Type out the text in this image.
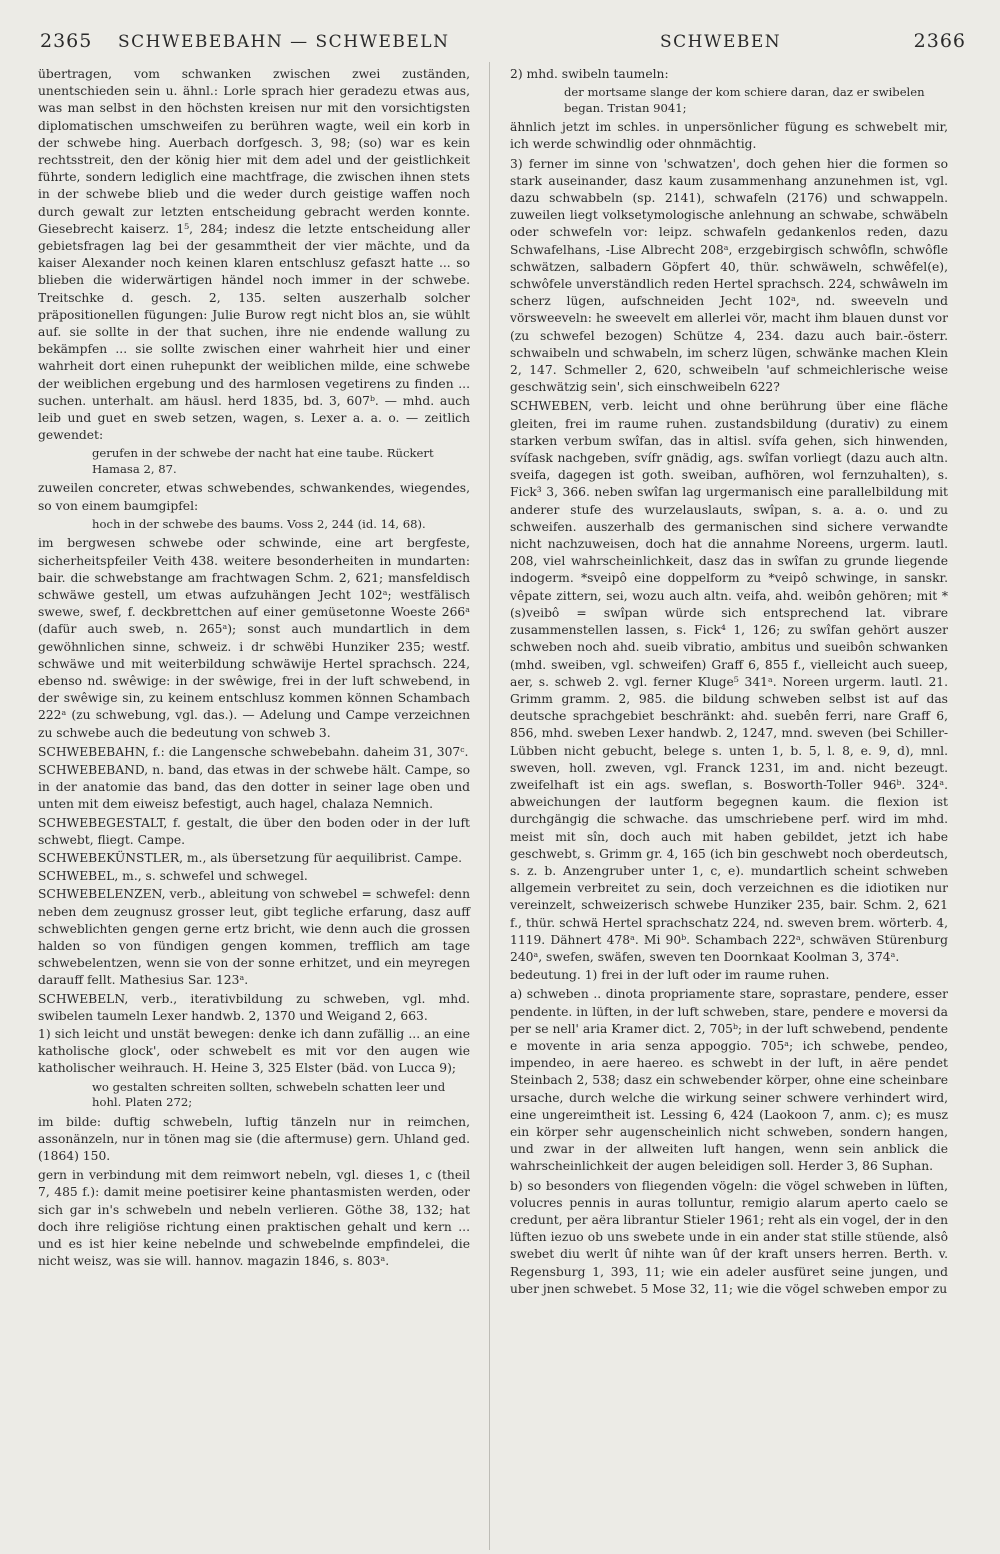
2365 SCHWEBEBAHN — SCHWEBELN	SCHWEBEN	2366

übertragen, vom schwanken zwischen zwei zuständen, unentschieden sein u. ähnl.: Lorle sprach hier geradezu etwas aus, was man selbst in den höchsten kreisen nur mit den vorsichtigsten diplomatischen umschweifen zu berühren wagte, weil ein korb in der schwebe hing. Auerbach dorfgesch. 3, 98; (so) war es kein rechtsstreit, den der könig hier mit dem adel und der geistlichkeit führte, sondern lediglich eine machtfrage, die zwischen ihnen stets in der schwebe blieb und die weder durch geistige waffen noch durch gewalt zur letzten entscheidung gebracht werden konnte. Giesebrecht kaiserz. 1⁵, 284; indesz die letzte entscheidung aller gebietsfragen lag bei der gesammtheit der vier mächte, und da kaiser Alexander noch keinen klaren entschlusz gefaszt hatte ... so blieben die widerwärtigen händel noch immer in der schwebe. Treitschke d. gesch. 2, 135. selten auszerhalb solcher präpositionellen fügungen: Julie Burow regt nicht blos an, sie wühlt auf. sie sollte in der that suchen, ihre nie endende wallung zu bekämpfen ... sie sollte zwischen einer wahrheit hier und einer wahrheit dort einen ruhepunkt der weiblichen milde, eine schwebe der weiblichen ergebung und des harmlosen vegetirens zu finden ... suchen. unterhalt. am häusl. herd 1835, bd. 3, 607ᵇ. — mhd. auch leib und guet en sweb setzen, wagen, s. Lexer a. a. o. — zeitlich gewendet:

gerufen in der schwebe der nacht hat eine taube. Rückert Hamasa 2, 87.

zuweilen concreter, etwas schwebendes, schwankendes, wiegendes, so von einem baumgipfel:

hoch in der schwebe des baums. Voss 2, 244 (id. 14, 68).

im bergwesen schwebe oder schwinde, eine art bergfeste, sicherheitspfeiler Veith 438. weitere besonderheiten in mundarten: bair. die schwebstange am frachtwagen Schm. 2, 621; mansfeldisch schwäwe gestell, um etwas aufzuhängen Jecht 102ᵃ; westfälisch swewe, swef, f. deckbrettchen auf einer gemüsetonne Woeste 266ᵃ (dafür auch sweb, n. 265ᵃ); sonst auch mundartlich in dem gewöhnlichen sinne, schweiz. i dr schwëbi Hunziker 235; westf. schwäwe und mit weiterbildung schwäwije Hertel sprachsch. 224, ebenso nd. swêwige: in der swêwige, frei in der luft schwebend, in der swêwige sin, zu keinem entschlusz kommen können Schambach 222ᵃ (zu schwebung, vgl. das.). — Adelung und Campe verzeichnen zu schwebe auch die bedeutung von schweb 3.

SCHWEBEBAHN, f.: die Langensche schwebebahn. daheim 31, 307ᶜ.

SCHWEBEBAND, n. band, das etwas in der schwebe hält. Campe, so in der anatomie das band, das den dotter in seiner lage oben und unten mit dem eiweisz befestigt, auch hagel, chalaza Nemnich.

SCHWEBEGESTALT, f. gestalt, die über den boden oder in der luft schwebt, fliegt. Campe.

SCHWEBEKÜNSTLER, m., als übersetzung für aequilibrist. Campe.

SCHWEBEL, m., s. schwefel und schwegel.

SCHWEBELENZEN, verb., ableitung von schwebel = schwefel: denn neben dem zeugnusz grosser leut, gibt tegliche erfarung, dasz auff schweblichten gengen gerne ertz bricht, wie denn auch die grossen halden so von fündigen gengen kommen, trefflich am tage schwebelentzen, wenn sie von der sonne erhitzet, und ein meyregen darauff fellt. Mathesius Sar. 123ᵃ.

SCHWEBELN, verb., iterativbildung zu schweben, vgl. mhd. swibelen taumeln Lexer handwb. 2, 1370 und Weigand 2, 663.

1) sich leicht und unstät bewegen: denke ich dann zufällig ... an eine katholische glock', oder schwebelt es mit vor den augen wie katholischer weihrauch. H. Heine 3, 325 Elster (bäd. von Lucca 9);

wo gestalten schreiten sollten, schwebeln schatten leer und hohl. Platen 272;

im bilde: duftig schwebeln, luftig tänzeln nur in reimchen, assonänzeln, nur in tönen mag sie (die aftermuse) gern. Uhland ged. (1864) 150.

gern in verbindung mit dem reimwort nebeln, vgl. dieses 1, c (theil 7, 485 f.): damit meine poetisirer keine phantasmisten werden, oder sich gar in's schwebeln und nebeln verlieren. Göthe 38, 132; hat doch ihre religiöse richtung einen praktischen gehalt und kern ... und es ist hier keine nebelnde und schwebelnde empfindelei, die nicht weisz, was sie will. hannov. magazin 1846, s. 803ᵃ.

2) mhd. swibeln taumeln:

der mortsame slange der kom schiere daran, daz er swibelen began. Tristan 9041;

ähnlich jetzt im schles. in unpersönlicher fügung es schwebelt mir, ich werde schwindlig oder ohnmächtig.

3) ferner im sinne von 'schwatzen', doch gehen hier die formen so stark auseinander, dasz kaum zusammenhang anzunehmen ist, vgl. dazu schwabbeln (sp. 2141), schwafeln (2176) und schwappeln. zuweilen liegt volksetymologische anlehnung an schwabe, schwäbeln oder schwefeln vor: leipz. schwafeln gedankenlos reden, dazu Schwafelhans, -Lise Albrecht 208ᵃ, erzgebirgisch schwôfln, schwôfle schwätzen, salbadern Göpfert 40, thür. schwäweln, schwêfel(e), schwôfele unverständlich reden Hertel sprachsch. 224, schwâweln im scherz lügen, aufschneiden Jecht 102ᵃ, nd. sweeveln und vörsweeveln: he sweevelt em allerlei vör, macht ihm blauen dunst vor (zu schwefel bezogen) Schütze 4, 234. dazu auch bair.-österr. schwaibeln und schwabeln, im scherz lügen, schwänke machen Klein 2, 147. Schmeller 2, 620, schweibeln 'auf schmeichlerische weise geschwätzig sein', sich einschweibeln 622?

SCHWEBEN, verb. leicht und ohne berührung über eine fläche gleiten, frei im raume ruhen. zustandsbildung (durativ) zu einem starken verbum swîfan, das in altisl. svífa gehen, sich hinwenden, svífask nachgeben, svífr gnädig, ags. swîfan vorliegt (dazu auch altn. sveifa, dagegen ist goth. sweiban, aufhören, wol fernzuhalten), s. Fick³ 3, 366. neben swîfan lag urgermanisch eine parallelbildung mit anderer stufe des wurzelauslauts, swîpan, s. a. a. o. und zu schweifen. auszerhalb des germanischen sind sichere verwandte nicht nachzuweisen, doch hat die annahme Noreens, urgerm. lautl. 208, viel wahrscheinlichkeit, dasz das in swîfan zu grunde liegende indogerm. *sveipô eine doppelform zu *veipô schwinge, in sanskr. vêpate zittern, sei, wozu auch altn. veifa, ahd. weibôn gehören; mit *(s)veibô = swîpan würde sich entsprechend lat. vibrare zusammenstellen lassen, s. Fick⁴ 1, 126; zu swîfan gehört auszer schweben noch ahd. sueib vibratio, ambitus und sueibôn schwanken (mhd. sweiben, vgl. schweifen) Graff 6, 855 f., vielleicht auch sueep, aer, s. schweb 2. vgl. ferner Kluge⁵ 341ᵃ. Noreen urgerm. lautl. 21. Grimm gramm. 2, 985. die bildung schweben selbst ist auf das deutsche sprachgebiet beschränkt: ahd. suebên ferri, nare Graff 6, 856, mhd. sweben Lexer handwb. 2, 1247, mnd. sweven (bei Schiller-Lübben nicht gebucht, belege s. unten 1, b. 5, l. 8, e. 9, d), mnl. sweven, holl. zweven, vgl. Franck 1231, im and. nicht bezeugt. zweifelhaft ist ein ags. sweflan, s. Bosworth-Toller 946ᵇ. 324ᵃ. abweichungen der lautform begegnen kaum. die flexion ist durchgängig die schwache. das umschriebene perf. wird im mhd. meist mit sîn, doch auch mit haben gebildet, jetzt ich habe geschwebt, s. Grimm gr. 4, 165 (ich bin geschwebt noch oberdeutsch, s. z. b. Anzengruber unter 1, c, e). mundartlich scheint schweben allgemein verbreitet zu sein, doch verzeichnen es die idiotiken nur vereinzelt, schweizerisch schwebe Hunziker 235, bair. Schm. 2, 621 f., thür. schwä Hertel sprachschatz 224, nd. sweven brem. wörterb. 4, 1119. Dähnert 478ᵃ. Mi 90ᵇ. Schambach 222ᵃ, schwäven Stürenburg 240ᵃ, swefen, swäfen, sweven ten Doornkaat Koolman 3, 374ᵃ.

bedeutung. 1) frei in der luft oder im raume ruhen.

a) schweben .. dinota propriamente stare, soprastare, pendere, esser pendente. in lüften, in der luft schweben, stare, pendere e moversi da per se nell' aria Kramer dict. 2, 705ᵇ; in der luft schwebend, pendente e movente in aria senza appoggio. 705ᵃ; ich schwebe, pendeo, impendeo, in aere haereo. es schwebt in der luft, in aëre pendet Steinbach 2, 538; dasz ein schwebender körper, ohne eine scheinbare ursache, durch welche die wirkung seiner schwere verhindert wird, eine ungereimtheit ist. Lessing 6, 424 (Laokoon 7, anm. c); es musz ein körper sehr augenscheinlich nicht schweben, sondern hangen, und zwar in der allweiten luft hangen, wenn sein anblick die wahrscheinlichkeit der augen beleidigen soll. Herder 3, 86 Suphan.

b) so besonders von fliegenden vögeln: die vögel schweben in lüften, volucres pennis in auras tolluntur, remigio alarum aperto caelo se credunt, per aëra librantur Stieler 1961; reht als ein vogel, der in den lüften iezuo ob uns swebete unde in ein ander stat stille stüende, alsô swebet diu werlt ûf nihte wan ûf der kraft unsers herren. Berth. v. Regensburg 1, 393, 11; wie ein adeler ausfüret seine jungen, und uber jnen schwebet. 5 Mose 32, 11; wie die vögel schweben empor zu
